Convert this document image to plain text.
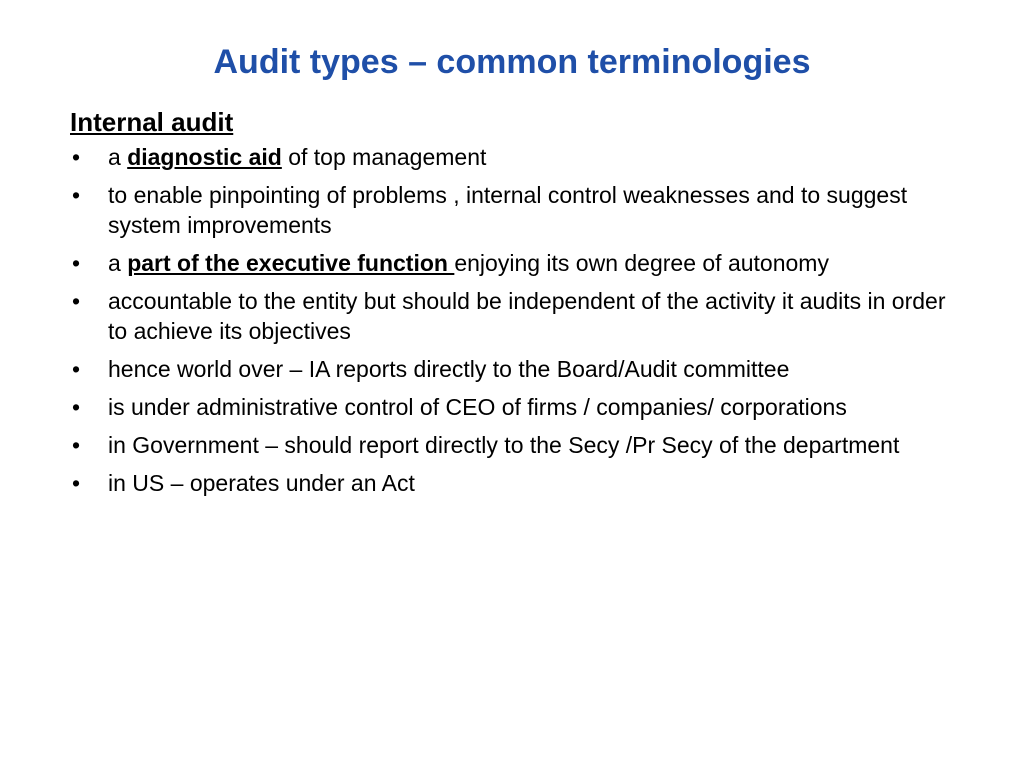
Audit types – common terminologies
Internal audit
•	a diagnostic aid of top management
•	to enable pinpointing of problems , internal control weaknesses and to suggest system improvements
•	a part of the executive function enjoying its own degree of autonomy
•	accountable to the entity but should be independent of the activity it audits in order to achieve its objectives
•	hence world over – IA reports directly to the Board/Audit committee
•	is under administrative control of CEO of firms / companies/ corporations
•	in Government – should report directly to the Secy /Pr Secy of the department
•	in US – operates under an Act
